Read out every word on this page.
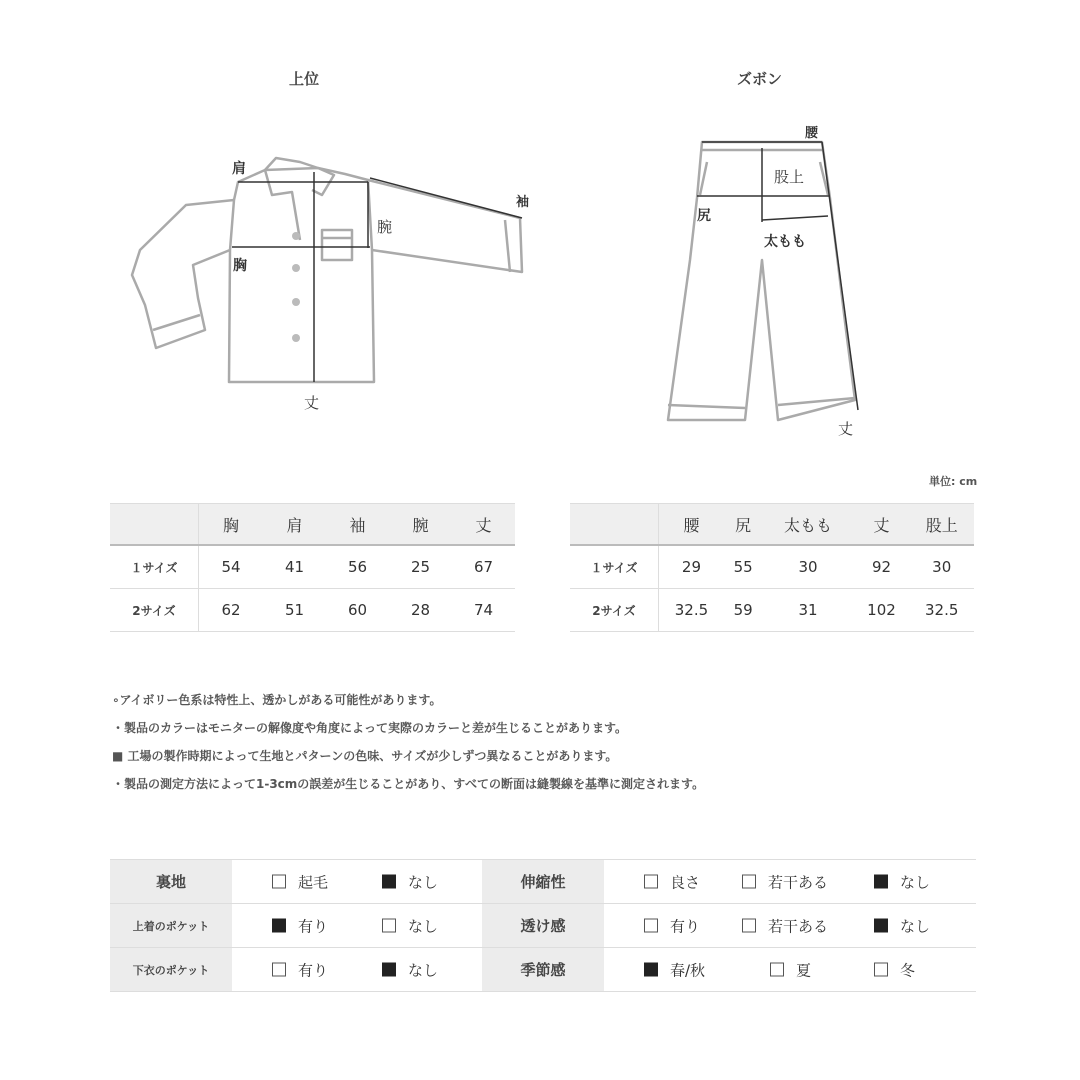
上位	ズボン
肩
袖
腕
胸
丈
腰
股上
尻
太もも
丈
単位: cm
	胸	肩	袖	腕	丈
１サイズ	54	41	56	25	67
2サイズ	62	51	60	28	74
	腰	尻	太もも	丈	股上
１サイズ	29	55	30	92	30
2サイズ	32.5	59	31	102	32.5
∘アイボリー色系は特性上、透かしがある可能性があります。
・製品のカラーはモニターの解像度や角度によって実際のカラーと差が生じることがあります。
■ 工場の製作時期によって生地とパターンの色味、サイズが少しずつ異なることがあります。
・製品の測定方法によって1-3cmの誤差が生じることがあり、すべての断面は縫製線を基準に測定されます。
裏地	起毛 なし	伸縮性	良さ 若干ある なし

上着のポケット	有り なし	透け感	有り 若干ある なし

下衣のポケット	有り なし	季節感	春/秋 夏 冬
